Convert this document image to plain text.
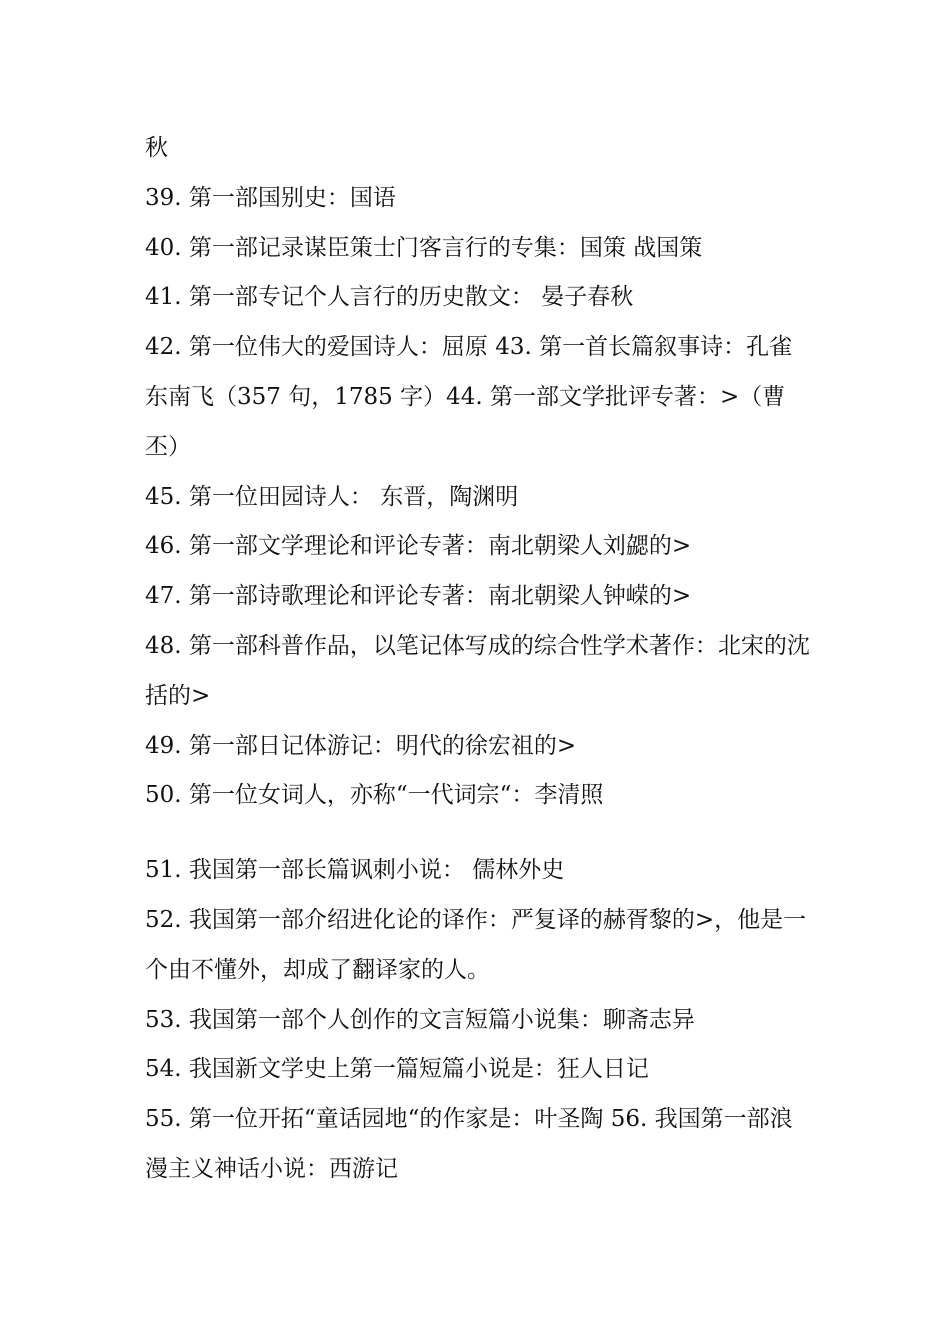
秋

39. 第一部国别史：国语

40. 第一部记录谋臣策士门客言行的专集：国策 战国策

41. 第一部专记个人言行的历史散文： 晏子春秋

42. 第一位伟大的爱国诗人：屈原 43. 第一首长篇叙事诗：孔雀东南飞（357 句，1785 字）44. 第一部文学批评专著：>（曹丕）

45. 第一位田园诗人： 东晋，陶渊明

46. 第一部文学理论和评论专著：南北朝梁人刘勰的>

47. 第一部诗歌理论和评论专著：南北朝梁人钟嵘的>

48. 第一部科普作品，以笔记体写成的综合性学术著作：北宋的沈括的>

49. 第一部日记体游记：明代的徐宏祖的>

50. 第一位女词人，亦称“一代词宗“：李清照

51. 我国第一部长篇讽刺小说： 儒林外史

52. 我国第一部介绍进化论的译作：严复译的赫胥黎的>，他是一个由不懂外，却成了翻译家的人。

53. 我国第一部个人创作的文言短篇小说集：聊斋志异

54. 我国新文学史上第一篇短篇小说是：狂人日记

55. 第一位开拓“童话园地“的作家是：叶圣陶 56. 我国第一部浪漫主义神话小说：西游记
